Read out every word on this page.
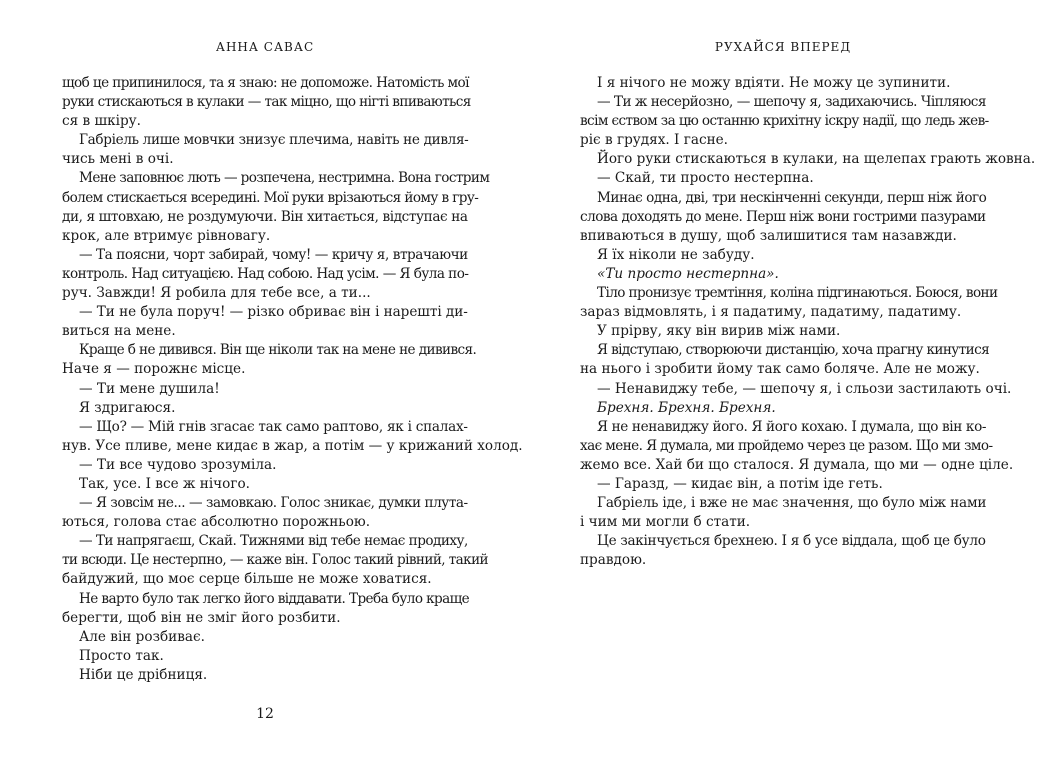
АННА САВАС

щоб це припинилося, та я знаю: не допоможе. Натомість мої

руки стискаються в кулаки — так міцно, що нігті впиваються

ся в шкіру.

Габріель лише мовчки знизує плечима, навіть не дивля-

чись мені в очі.

Мене заповнює лють — розпечена, нестримна. Вона гострим

болем стискається всередині. Мої руки врізаються йому в гру-

ди, я штовхаю, не роздумуючи. Він хитається, відступає на

крок, але втримує рівновагу.

— Та поясни, чорт забирай, чому! — кричу я, втрачаючи

контроль. Над ситуацією. Над собою. Над усім. — Я була по-

руч. Завжди! Я робила для тебе все, а ти...

— Ти не була поруч! — різко обриває він і нарешті ди-

виться на мене.

Краще б не дивився. Він ще ніколи так на мене не дивився.

Наче я — порожнє місце.

— Ти мене душила!

Я здригаюся.

— Що? — Мій гнів згасає так само раптово, як і спалах-

нув. Усе пливе, мене кидає в жар, а потім — у крижаний холод.

— Ти все чудово зрозуміла.

Так, усе. І все ж нічого.

— Я зовсім не... — замовкаю. Голос зникає, думки плута-

ються, голова стає абсолютно порожньою.

— Ти напрягаєш, Скай. Тижнями від тебе немає продиху,

ти всюди. Це нестерпно, — каже він. Голос такий рівний, такий

байдужий, що моє серце більше не може ховатися.

Не варто було так легко його віддавати. Треба було краще

берегти, щоб він не зміг його розбити.

Але він розбиває.

Просто так.

Ніби це дрібниця.

12
РУХАЙСЯ ВПЕРЕД

І я нічого не можу вдіяти. Не можу це зупинити.

— Ти ж несерйозно, — шепочу я, задихаючись. Чіпляюся

всім єством за цю останню крихітну іскру надії, що ледь жев-

ріє в грудях. І гасне.

Його руки стискаються в кулаки, на щелепах грають жовна.

— Скай, ти просто нестерпна.

Минає одна, дві, три нескінченні секунди, перш ніж його

слова доходять до мене. Перш ніж вони гострими пазурами

впиваються в душу, щоб залишитися там назавжди.

Я їх ніколи не забуду.

«Ти просто нестерпна».

Тіло пронизує тремтіння, коліна підгинаються. Боюся, вони

зараз відмовлять, і я падатиму, падатиму, падатиму.

У прірву, яку він вирив між нами.

Я відступаю, створюючи дистанцію, хоча прагну кинутися

на нього і зробити йому так само боляче. Але не можу.

— Ненавиджу тебе, — шепочу я, і сльози застилають очі.

Брехня. Брехня. Брехня.

Я не ненавиджу його. Я його кохаю. І думала, що він ко-

хає мене. Я думала, ми пройдемо через це разом. Що ми змо-

жемо все. Хай би що сталося. Я думала, що ми — одне ціле.

— Гаразд, — кидає він, а потім іде геть.

Габріель іде, і вже не має значення, що було між нами

і чим ми могли б стати.

Це закінчується брехнею. І я б усе віддала, щоб це було

правдою.
